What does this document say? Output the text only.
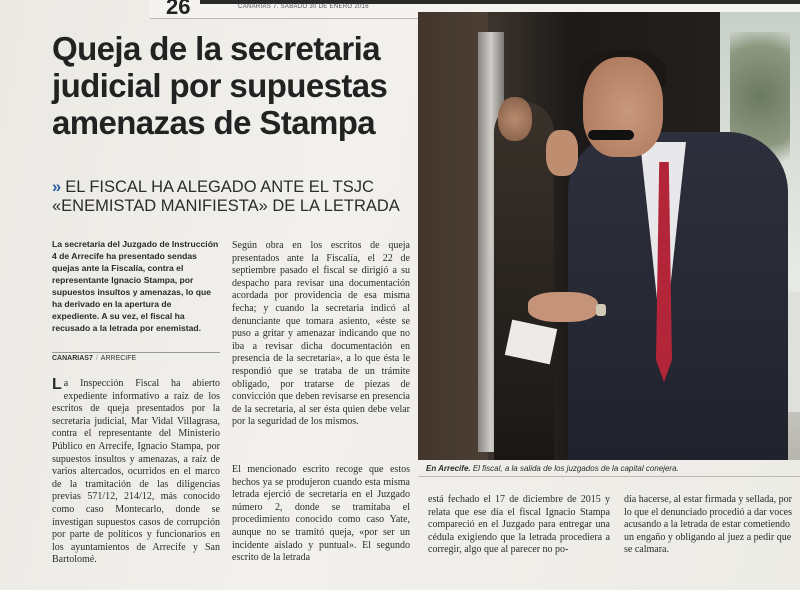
26	CANARIAS 7. SÁBADO 30 DE ENERO 2016
Queja de la secretaria judicial por supuestas amenazas de Stampa

» EL FISCAL HA ALEGADO ANTE EL TSJC «ENEMISTAD MANIFIESTA» DE LA LETRADA

La secretaria del Juzgado de Instrucción 4 de Arrecife ha presentado sendas quejas ante la Fiscalía, contra el representante Ignacio Stampa, por supuestos insultos y amenazas, lo que ha derivado en la apertura de expediente. A su vez, el fiscal ha recusado a la letrada por enemistad.

CANARIAS7 / ARRECIFE

La Inspección Fiscal ha abierto expediente informativo a raíz de los escritos de queja presentados por la secretaria judicial, Mar Vidal Villagrasa, contra el representante del Ministerio Público en Arrecife, Ignacio Stampa, por supuestos insultos y amenazas, a raíz de varios altercados, ocurridos en el marco de la tramitación de las diligencias previas 571/12, 214/12, más conocido como caso Montecarlo, donde se investigan supuestos casos de corrupción por parte de políticos y funcionarios en los ayuntamientos de Arrecife y San Bartolomé.

Según obra en los escritos de queja presentados ante la Fiscalía, el 22 de septiembre pasado el fiscal se dirigió a su despacho para revisar una documentación acordada por providencia de esa misma fecha; y cuando la secretaria indicó al denunciante que tomara asiento, «éste se puso a gritar y amenazar indicando que no iba a revisar dicha documentación en presencia de la secretaria», a lo que ésta le respondió que se trataba de un trámite obligado, por tratarse de piezas de convicción que deben revisarse en presencia de la secretaria, al ser ésta quien debe velar por la seguridad de los mismos.

El mencionado escrito recoge que estos hechos ya se produjeron cuando esta misma letrada ejerció de secretaria en el Juzgado número 2, donde se tramitaba el procedimiento conocido como caso Yate, aunque no se tramitó queja, «por ser un incidente aislado y puntual». El segundo escrito de la letrada

En Arrecife. El fiscal, a la salida de los juzgados de la capital conejera.

está fechado el 17 de diciembre de 2015 y relata que ese día el fiscal Ignacio Stampa compareció en el Juzgado para entregar una cédula exigiendo que la letrada procediera a corregir, algo que al parecer no po-

día hacerse, al estar firmada y sellada, por lo que el denunciado procedió a dar voces acusando a la letrada de estar cometiendo un engaño y obligando al juez a pedir que se calmara.
